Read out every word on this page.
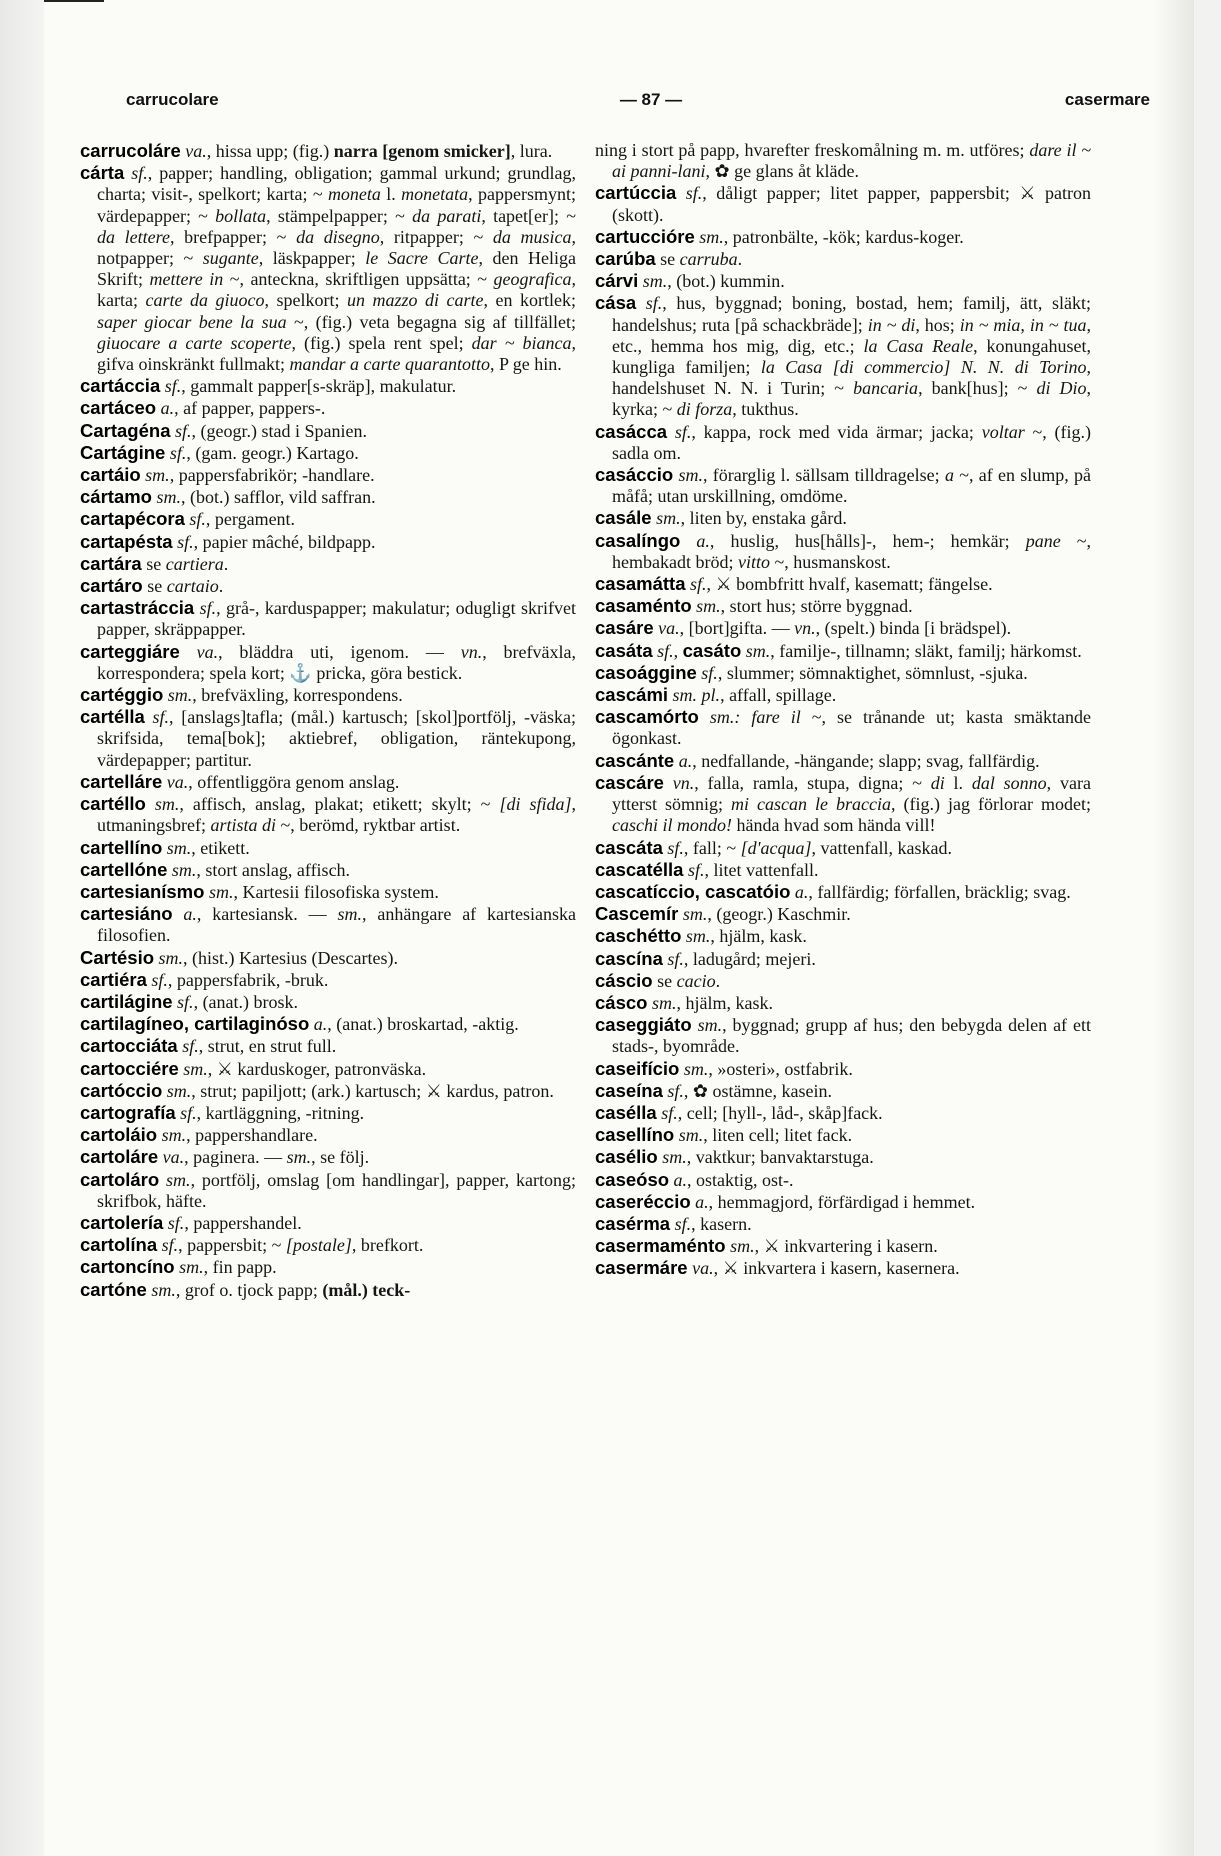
carrucolare	— 87 —	casermare

carrucoláre va., hissa upp; (fig.) narra [genom smicker], lura.

cárta sf., papper; handling, obligation; gammal urkund; grundlag, charta; visit-, spelkort; karta; ~ moneta l. monetata, pappersmynt; värdepapper; ~ bollata, stämpelpapper; ~ da parati, tapet[er]; ~ da lettere, brefpapper; ~ da disegno, ritpapper; ~ da musica, notpapper; ~ sugante, läskpapper; le Sacre Carte, den Heliga Skrift; mettere in ~, anteckna, skriftligen uppsätta; ~ geografica, karta; carte da giuoco, spelkort; un mazzo di carte, en kortlek; saper giocar bene la sua ~, (fig.) veta begagna sig af tillfället; giuocare a carte scoperte, (fig.) spela rent spel; dar ~ bianca, gifva oinskränkt fullmakt; mandar a carte quarantotto, P ge hin.

cartáccia sf., gammalt papper[s-skräp], makulatur.

cartáceo a., af papper, pappers-.

Cartagéna sf., (geogr.) stad i Spanien.

Cartágine sf., (gam. geogr.) Kartago.

cartáio sm., pappersfabrikör; -handlare.

cártamo sm., (bot.) safflor, vild saffran.

cartapécora sf., pergament.

cartapésta sf., papier mâché, bildpapp.

cartára se cartiera.

cartáro se cartaio.

cartastráccia sf., grå-, karduspapper; makulatur; odugligt skrifvet papper, skräppapper.

carteggiáre va., bläddra uti, igenom. — vn., brefväxla, korrespondera; spela kort; ⚓ pricka, göra bestick.

cartéggio sm., brefväxling, korrespondens.

cartélla sf., [anslags]tafla; (mål.) kartusch; [skol]portfölj, -väska; skrifsida, tema[bok]; aktiebref, obligation, räntekupong, värdepapper; partitur.

cartelláre va., offentliggöra genom anslag.

cartéllo sm., affisch, anslag, plakat; etikett; skylt; ~ [di sfida], utmaningsbref; artista di ~, berömd, ryktbar artist.

cartellíno sm., etikett.

cartellóne sm., stort anslag, affisch.

cartesianísmo sm., Kartesii filosofiska system.

cartesiáno a., kartesiansk. — sm., anhängare af kartesianska filosofien.

Cartésio sm., (hist.) Kartesius (Descartes).

cartiéra sf., pappersfabrik, -bruk.

cartilágine sf., (anat.) brosk.

cartilagíneo, cartilaginóso a., (anat.) broskartad, -aktig.

cartocciáta sf., strut, en strut full.

cartocciére sm., ⚔ karduskoger, patronväska.

cartóccio sm., strut; papiljott; (ark.) kartusch; ⚔ kardus, patron.

cartografía sf., kartläggning, -ritning.

cartoláio sm., pappershandlare.

cartoláre va., paginera. — sm., se följ.

cartoláro sm., portfölj, omslag [om handlingar], papper, kartong; skrifbok, häfte.

cartolería sf., pappershandel.

cartolína sf., pappersbit; ~ [postale], brefkort.

cartoncíno sm., fin papp.

cartóne sm., grof o. tjock papp; (mål.) teck-

ning i stort på papp, hvarefter freskomålning m. m. utföres; dare il ~ ai panni-lani, ✿ ge glans åt kläde.

cartúccia sf., dåligt papper; litet papper, pappersbit; ⚔ patron (skott).

cartuccióre sm., patronbälte, -kök; kardus-koger.

carúba se carruba.

cárvi sm., (bot.) kummin.

cása sf., hus, byggnad; boning, bostad, hem; familj, ätt, släkt; handelshus; ruta [på schackbräde]; in ~ di, hos; in ~ mia, in ~ tua, etc., hemma hos mig, dig, etc.; la Casa Reale, konungahuset, kungliga familjen; la Casa [di commercio] N. N. di Torino, handelshuset N. N. i Turin; ~ bancaria, bank[hus]; ~ di Dio, kyrka; ~ di forza, tukthus.

casácca sf., kappa, rock med vida ärmar; jacka; voltar ~, (fig.) sadla om.

casáccio sm., förarglig l. sällsam tilldragelse; a ~, af en slump, på måfå; utan urskillning, omdöme.

casále sm., liten by, enstaka gård.

casalíngo a., huslig, hus[hålls]-, hem-; hemkär; pane ~, hembakadt bröd; vitto ~, husmanskost.

casamátta sf., ⚔ bombfritt hvalf, kasematt; fängelse.

casaménto sm., stort hus; större byggnad.

casáre va., [bort]gifta. — vn., (spelt.) binda [i brädspel).

casáta sf., casáto sm., familje-, tillnamn; släkt, familj; härkomst.

casoággine sf., slummer; sömnaktighet, sömnlust, -sjuka.

cascámi sm. pl., affall, spillage.

cascamórto sm.: fare il ~, se trånande ut; kasta smäktande ögonkast.

cascánte a., nedfallande, -hängande; slapp; svag, fallfärdig.

cascáre vn., falla, ramla, stupa, digna; ~ di l. dal sonno, vara ytterst sömnig; mi cascan le braccia, (fig.) jag förlorar modet; caschi il mondo! hända hvad som hända vill!

cascáta sf., fall; ~ [d'acqua], vattenfall, kaskad.

cascatélla sf., litet vattenfall.

cascatíccio, cascatóio a., fallfärdig; förfallen, bräcklig; svag.

Cascemír sm., (geogr.) Kaschmir.

caschétto sm., hjälm, kask.

cascína sf., ladugård; mejeri.

cáscio se cacio.

cásco sm., hjälm, kask.

caseggiáto sm., byggnad; grupp af hus; den bebygda delen af ett stads-, byområde.

caseifício sm., »osteri», ostfabrik.

caseína sf., ✿ ostämne, kasein.

casélla sf., cell; [hyll-, låd-, skåp]fack.

casellíno sm., liten cell; litet fack.

casélio sm., vaktkur; banvaktarstuga.

caseóso a., ostaktig, ost-.

caseréccio a., hemmagjord, förfärdigad i hemmet.

casérma sf., kasern.

casermaménto sm., ⚔ inkvartering i kasern.

casermáre va., ⚔ inkvartera i kasern, kasernera.
